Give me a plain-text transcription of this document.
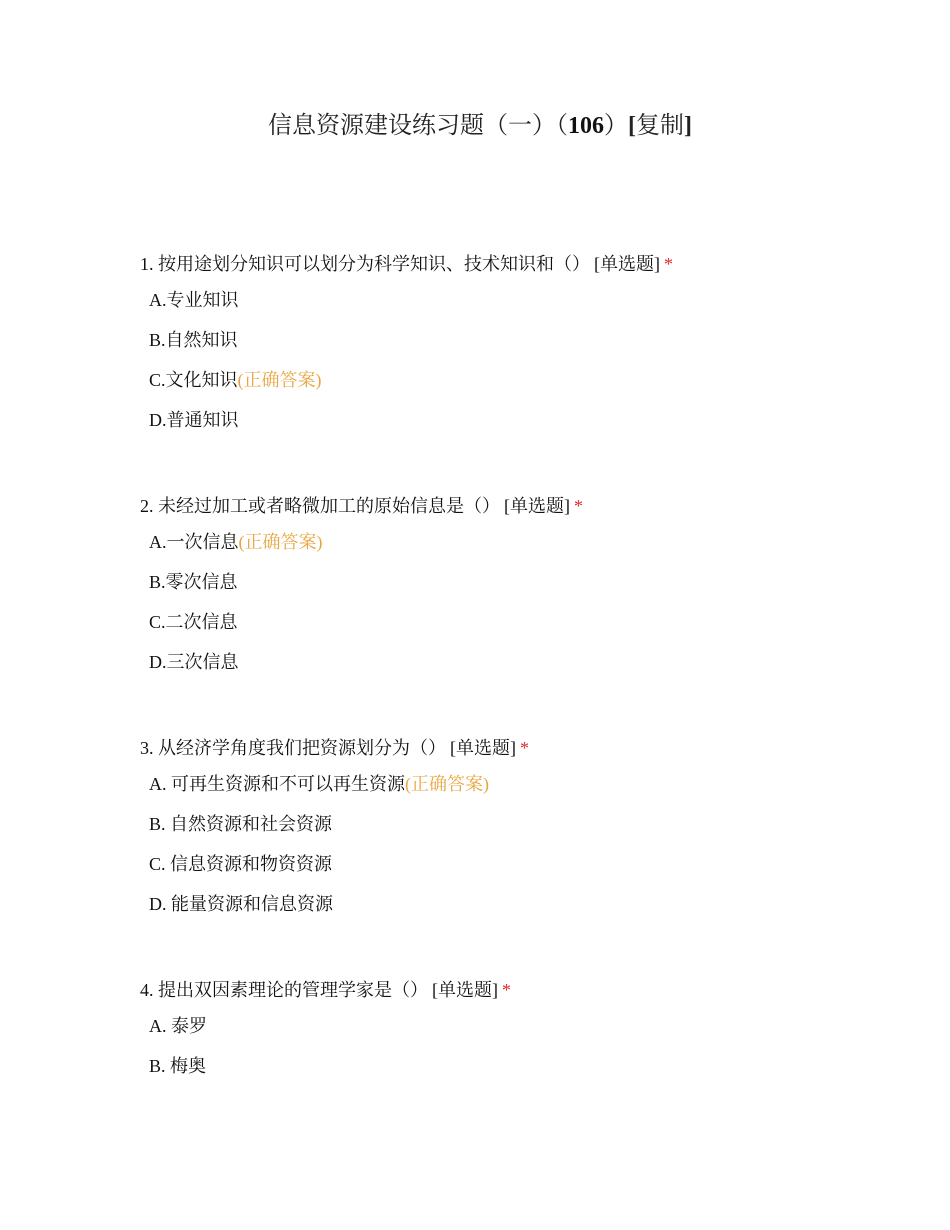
信息资源建设练习题（一）（106）[复制]
1. 按用途划分知识可以划分为科学知识、技术知识和（） [单选题] *
A.专业知识
B.自然知识
C.文化知识(正确答案)
D.普通知识
2. 未经过加工或者略微加工的原始信息是（） [单选题] *
A.一次信息(正确答案)
B.零次信息
C.二次信息
D.三次信息
3. 从经济学角度我们把资源划分为（） [单选题] *
A. 可再生资源和不可以再生资源(正确答案)
B. 自然资源和社会资源
C. 信息资源和物资资源
D. 能量资源和信息资源
4. 提出双因素理论的管理学家是（） [单选题] *
A. 泰罗
B. 梅奥
